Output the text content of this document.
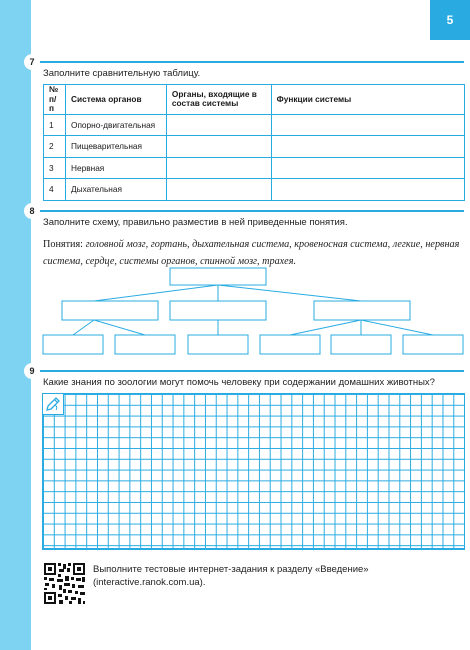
5
7
Заполните сравнительную таблицу.
№ п/п	Система органов	Органы, входящие в состав системы	Функции системы
1	Опорно-двигательная		
2	Пищеварительная		
3	Нервная		
4	Дыхательная		
8
Заполните схему, правильно разместив в ней приведенные понятия.
Понятия: головной мозг, гортань, дыхательная система, кровеносная система, легкие, нервная система, сердце, системы органов, спинной мозг, трахея.
9
Какие знания по зоологии могут помочь человеку при содержании домашних животных?
Выполните тестовые интернет-задания к разделу «Введение»
(interactive.ranok.com.ua).
